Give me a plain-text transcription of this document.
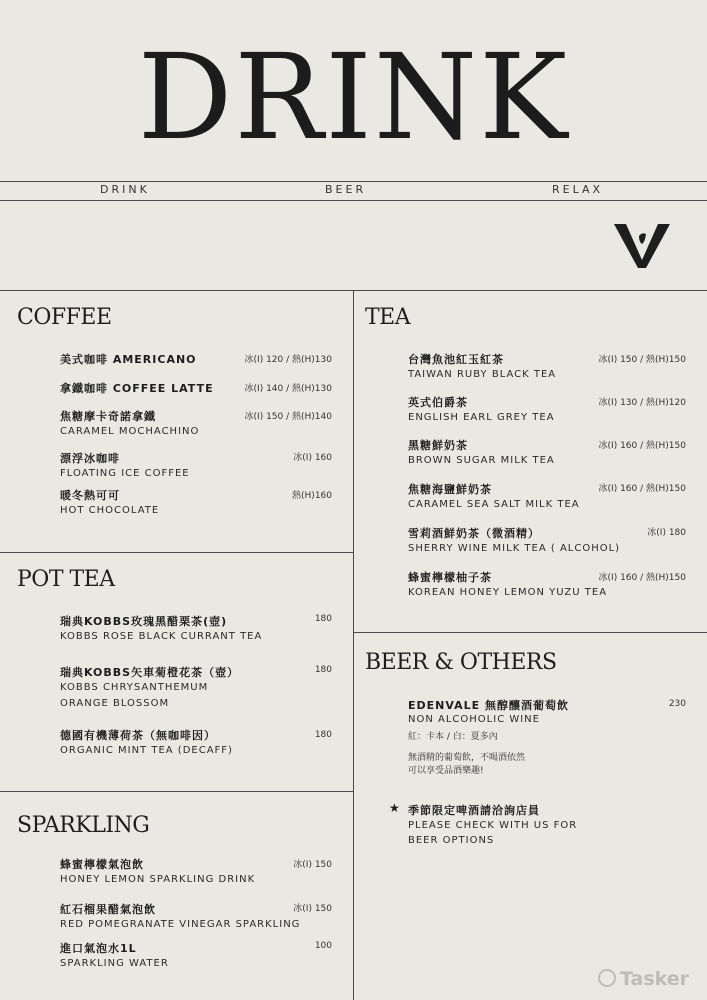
DRINK
DRINK	BEER	RELAX
COFFEE
美式咖啡 AMERICANO	冰(I) 120 / 熱(H)130
拿鐵咖啡 COFFEE LATTE	冰(I) 140 / 熱(H)130
焦糖摩卡奇諾拿鐵
CARAMEL MOCHACHINO
冰(I) 150 / 熱(H)140
漂浮冰咖啡
FLOATING ICE COFFEE
冰(I) 160
暖冬熱可可
HOT CHOCOLATE
熱(H)160
POT TEA
瑞典KOBBS玫瑰黑醋栗茶(壺)
KOBBS ROSE BLACK CURRANT TEA
180
瑞典KOBBS矢車菊橙花茶（壺）
KOBBS CHRYSANTHEMUM
ORANGE BLOSSOM
180
德國有機薄荷茶（無咖啡因）
ORGANIC MINT TEA (DECAFF)
180
SPARKLING
蜂蜜檸檬氣泡飲
HONEY LEMON SPARKLING DRINK
冰(I) 150
紅石榴果醋氣泡飲
RED POMEGRANATE VINEGAR SPARKLING
冰(I) 150
進口氣泡水1L
SPARKLING WATER
100
TEA
台灣魚池紅玉紅茶
TAIWAN RUBY BLACK TEA
冰(I) 150 / 熱(H)150
英式伯爵茶
ENGLISH EARL GREY TEA
冰(I) 130 / 熱(H)120
黑糖鮮奶茶
BROWN SUGAR MILK TEA
冰(I) 160 / 熱(H)150
焦糖海鹽鮮奶茶
CARAMEL SEA SALT MILK TEA
冰(I) 160 / 熱(H)150
雪莉酒鮮奶茶（微酒精）
SHERRY WINE MILK TEA ( ALCOHOL)
冰(I) 180
蜂蜜檸檬柚子茶
KOREAN HONEY LEMON YUZU TEA
冰(I) 160 / 熱(H)150
BEER & OTHERS
EDENVALE 無醇釀酒葡萄飲
NON ALCOHOLIC WINE
紅：卡本 / 白：夏多內
無酒精的葡萄飲，不喝酒依然
可以享受品酒樂趣!
230
★ 季節限定啤酒請洽詢店員
PLEASE CHECK WITH US FOR
BEER OPTIONS
Tasker
